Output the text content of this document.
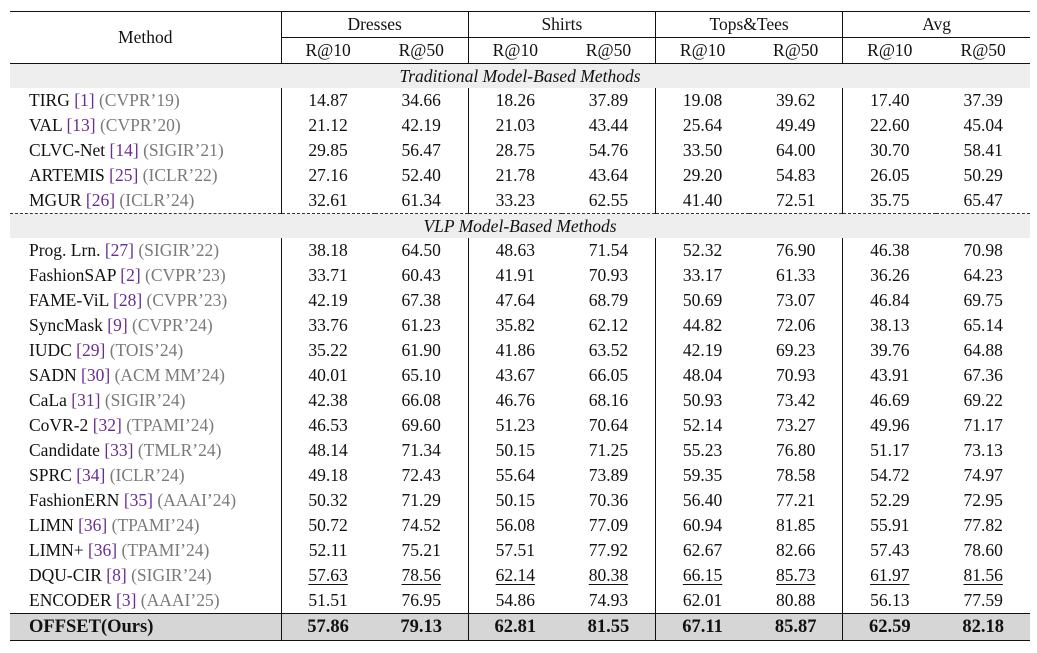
Method	Dresses		Shirts		Tops&Tees		Avg	
	R@10	R@50	R@10	R@50	R@10	R@50	R@10	R@50
Traditional Model-Based Methods								
TIRG [1] (CVPR’19)	14.87	34.66	18.26	37.89	19.08	39.62	17.40	37.39
VAL [13] (CVPR’20)	21.12	42.19	21.03	43.44	25.64	49.49	22.60	45.04
CLVC-Net [14] (SIGIR’21)	29.85	56.47	28.75	54.76	33.50	64.00	30.70	58.41
ARTEMIS [25] (ICLR’22)	27.16	52.40	21.78	43.64	29.20	54.83	26.05	50.29
MGUR [26] (ICLR’24)	32.61	61.34	33.23	62.55	41.40	72.51	35.75	65.47
VLP Model-Based Methods								
Prog. Lrn. [27] (SIGIR’22)	38.18	64.50	48.63	71.54	52.32	76.90	46.38	70.98
FashionSAP [2] (CVPR’23)	33.71	60.43	41.91	70.93	33.17	61.33	36.26	64.23
FAME-ViL [28] (CVPR’23)	42.19	67.38	47.64	68.79	50.69	73.07	46.84	69.75
SyncMask [9] (CVPR’24)	33.76	61.23	35.82	62.12	44.82	72.06	38.13	65.14
IUDC [29] (TOIS’24)	35.22	61.90	41.86	63.52	42.19	69.23	39.76	64.88
SADN [30] (ACM MM’24)	40.01	65.10	43.67	66.05	48.04	70.93	43.91	67.36
CaLa [31] (SIGIR’24)	42.38	66.08	46.76	68.16	50.93	73.42	46.69	69.22
CoVR-2 [32] (TPAMI’24)	46.53	69.60	51.23	70.64	52.14	73.27	49.96	71.17
Candidate [33] (TMLR’24)	48.14	71.34	50.15	71.25	55.23	76.80	51.17	73.13
SPRC [34] (ICLR’24)	49.18	72.43	55.64	73.89	59.35	78.58	54.72	74.97
FashionERN [35] (AAAI’24)	50.32	71.29	50.15	70.36	56.40	77.21	52.29	72.95
LIMN [36] (TPAMI’24)	50.72	74.52	56.08	77.09	60.94	81.85	55.91	77.82
LIMN+ [36] (TPAMI’24)	52.11	75.21	57.51	77.92	62.67	82.66	57.43	78.60
DQU-CIR [8] (SIGIR’24)	57.63	78.56	62.14	80.38	66.15	85.73	61.97	81.56
ENCODER [3] (AAAI’25)	51.51	76.95	54.86	74.93	62.01	80.88	56.13	77.59
OFFSET(Ours)	57.86	79.13	62.81	81.55	67.11	85.87	62.59	82.18
